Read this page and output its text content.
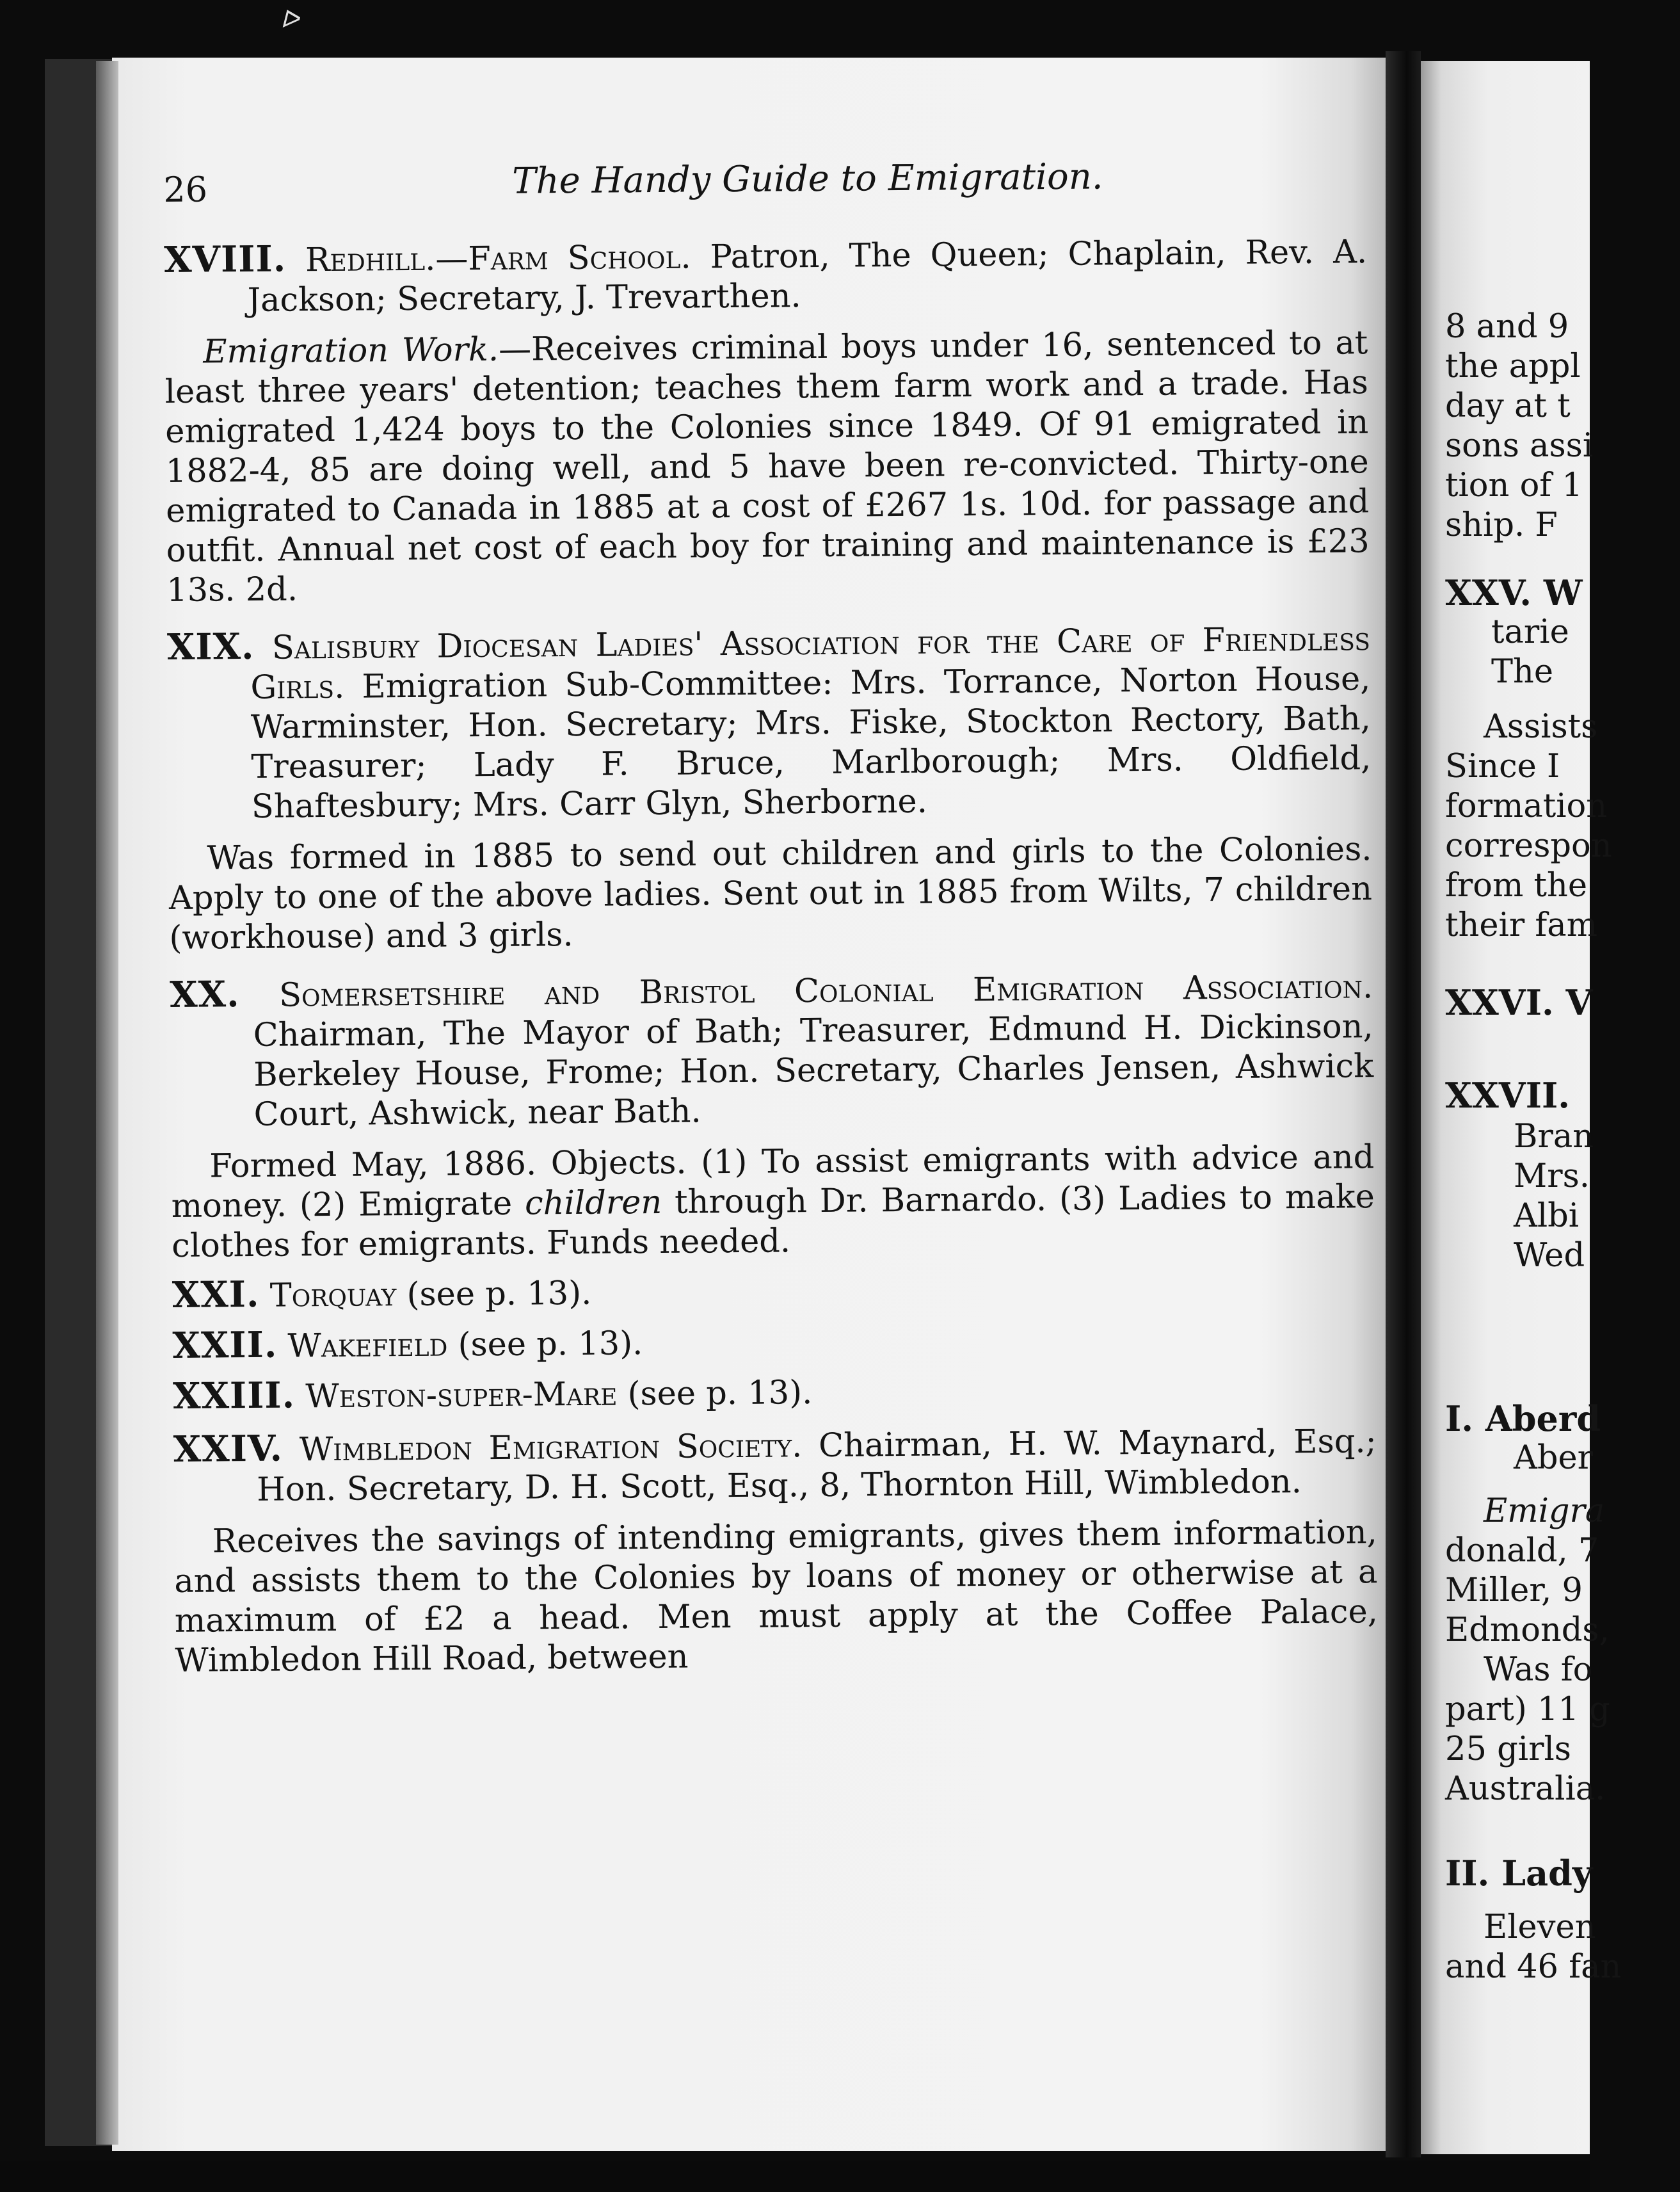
ᐅ
26	The Handy Guide to Emigration.

XVIII. Redhill.—Farm School. Patron, The Queen; Chaplain, Rev. A. Jackson; Secretary, J. Trevarthen.

Emigration Work.—Receives criminal boys under 16, sentenced to at least three years' detention; teaches them farm work and a trade. Has emigrated 1,424 boys to the Colonies since 1849. Of 91 emigrated in 1882-4, 85 are doing well, and 5 have been re-convicted. Thirty-one emigrated to Canada in 1885 at a cost of £267 1s. 10d. for passage and outfit. Annual net cost of each boy for training and maintenance is £23 13s. 2d.

XIX. Salisbury Diocesan Ladies' Association for the Care of Friendless Girls. Emigration Sub-Committee: Mrs. Torrance, Norton House, Warminster, Hon. Secretary; Mrs. Fiske, Stockton Rectory, Bath, Treasurer; Lady F. Bruce, Marlborough; Mrs. Oldfield, Shaftesbury; Mrs. Carr Glyn, Sherborne.

Was formed in 1885 to send out children and girls to the Colonies. Apply to one of the above ladies. Sent out in 1885 from Wilts, 7 children (workhouse) and 3 girls.

XX. Somersetshire and Bristol Colonial Emigration Association. Chairman, The Mayor of Bath; Treasurer, Edmund H. Dickinson, Berkeley House, Frome; Hon. Secretary, Charles Jensen, Ashwick Court, Ashwick, near Bath.

Formed May, 1886. Objects. (1) To assist emigrants with advice and money. (2) Emigrate children through Dr. Barnardo. (3) Ladies to make clothes for emigrants. Funds needed.

XXI. Torquay (see p. 13).

XXII. Wakefield (see p. 13).

XXIII. Weston-super-Mare (see p. 13).

XXIV. Wimbledon Emigration Society. Chairman, H. W. Maynard, Esq.; Hon. Secretary, D. H. Scott, Esq., 8, Thornton Hill, Wimbledon.

Receives the savings of intending emigrants, gives them information, and assists them to the Colonies by loans of money or otherwise at a maximum of £2 a head. Men must apply at the Coffee Palace, Wimbledon Hill Road, between

8 and 9
the appl
day at t
sons assi
tion of 1
ship. F
XXV. W
tarie
The
Assists
Since I
formation
correspon
from the
their fam
XXVI. V
XXVII.
Bran
Mrs.
Albi
Wed
I. Aberd
Aber
Emigra
donald, 7
Miller, 9
Edmonds,
Was fo
part) 11 g
25 girls
Australia.
II. Lady
Eleven
and 46 fan
